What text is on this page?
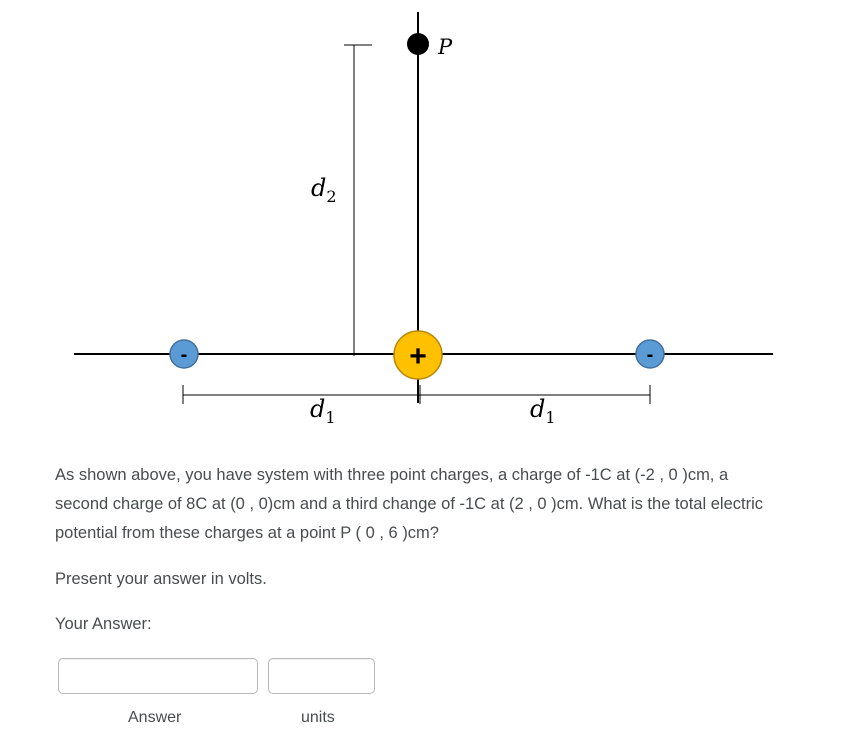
$d_2$
$d_1$	$d_1$
P
-	+	-

As shown above, you have system with three point charges, a charge of -1C at (-2 , 0 )cm, a second charge of 8C at (0 , 0)cm and a third change of -1C at (2 , 0 )cm. What is the total electric potential from these charges at a point P ( 0 , 6 )cm?

Present your answer in volts.

Your Answer:

Answer	units
